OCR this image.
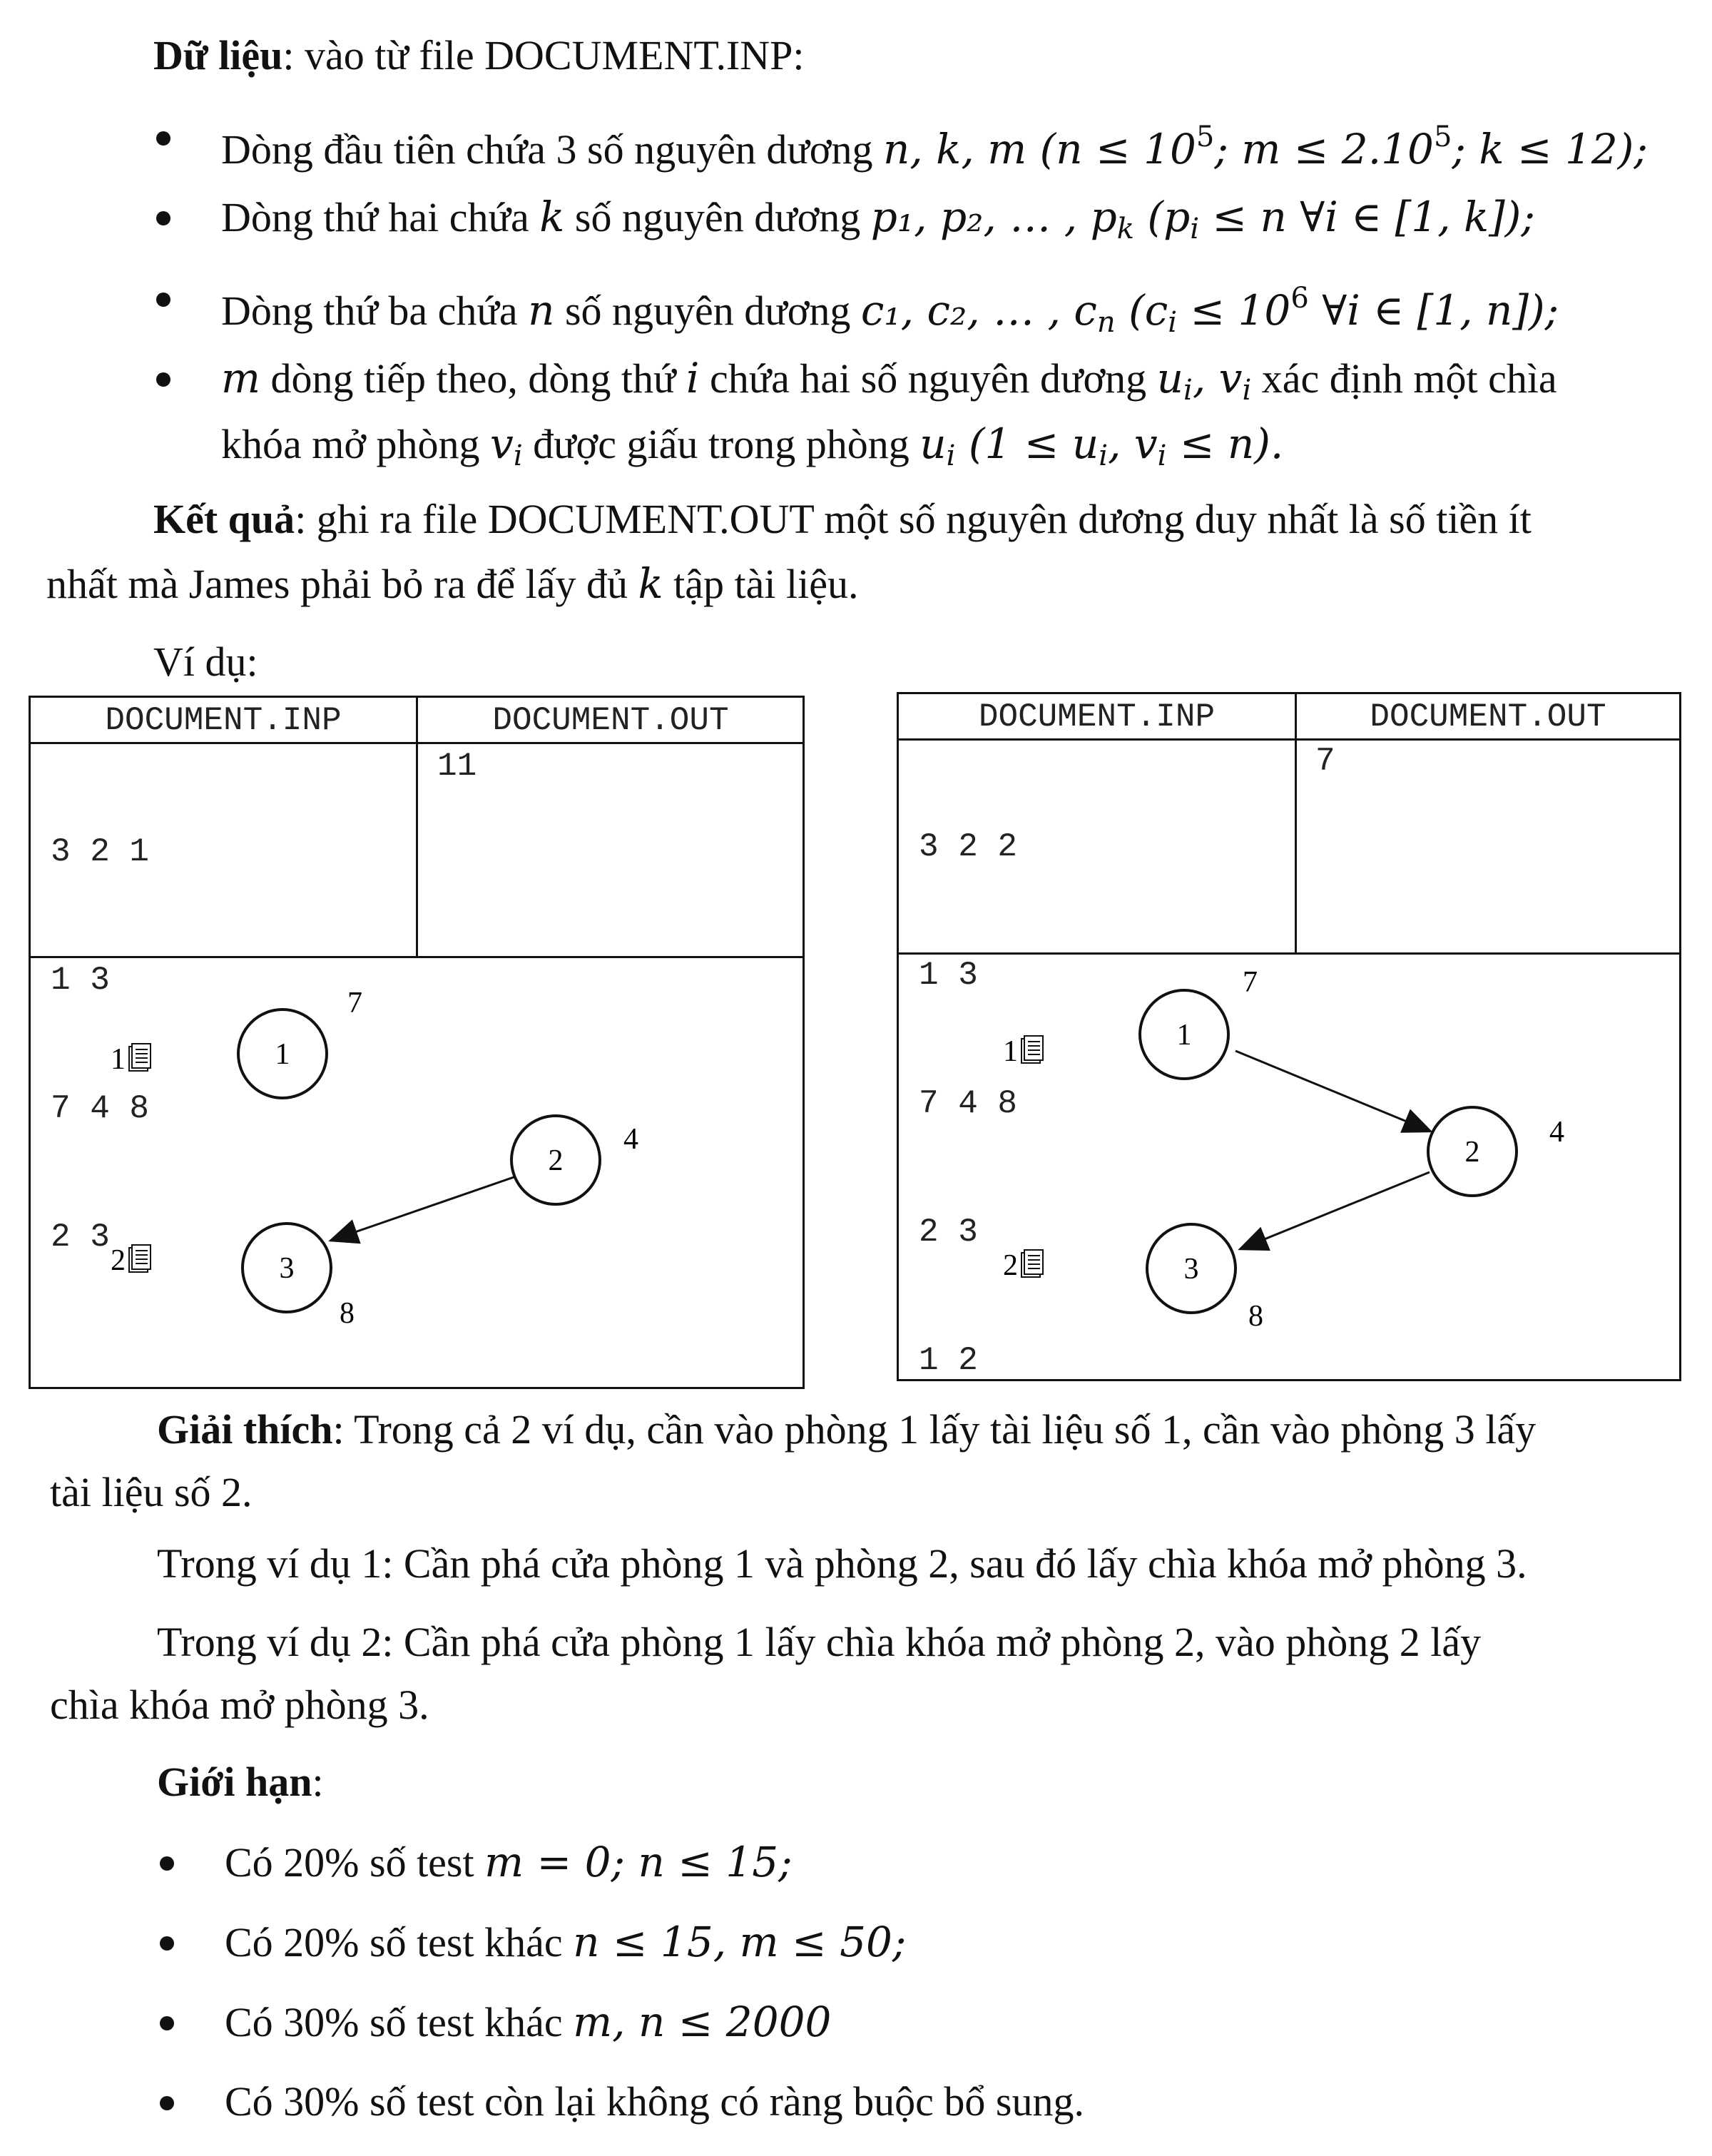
Dữ liệu: vào từ file DOCUMENT.INP:
Dòng đầu tiên chứa 3 số nguyên dương n, k, m ($n \le 10^5$; $m \le 2.10^5$; k ≤ 12);
Dòng thứ hai chứa k số nguyên dương p₁, p₂, … , $p_k$ ($p_i \le n$ ∀i ∈ [1, k]);
Dòng thứ ba chứa n số nguyên dương c₁, c₂, … , $c_n$ ($c_i \le 10^6$ ∀i ∈ [1, n]);
m dòng tiếp theo, dòng thứ i chứa hai số nguyên dương $u_i$, $v_i$ xác định một chìa
khóa mở phòng $v_i$ được giấu trong phòng $u_i$ ($1 \le u_i$, $v_i \le n$).
Kết quả: ghi ra file DOCUMENT.OUT một số nguyên dương duy nhất là số tiền ít
nhất mà James phải bỏ ra để lấy đủ k tập tài liệu.
Ví dụ:
DOCUMENT.INP	DOCUMENT.OUT

3 2 1

1 3

7 4 8

2 3

11
1
2
1
7
2
4
3
8
DOCUMENT.INP	DOCUMENT.OUT

3 2 2

1 3

7 4 8

2 3

1 2

7
1
2
1
7
2
4
3
8
Giải thích: Trong cả 2 ví dụ, cần vào phòng 1 lấy tài liệu số 1, cần vào phòng 3 lấy
tài liệu số 2.
Trong ví dụ 1: Cần phá cửa phòng 1 và phòng 2, sau đó lấy chìa khóa mở phòng 3.
Trong ví dụ 2: Cần phá cửa phòng 1 lấy chìa khóa mở phòng 2, vào phòng 2 lấy
chìa khóa mở phòng 3.
Giới hạn:
Có 20% số test m = 0; n ≤ 15;
Có 20% số test khác n ≤ 15, m ≤ 50;
Có 30% số test khác m, n ≤ 2000
Có 30% số test còn lại không có ràng buộc bổ sung.
